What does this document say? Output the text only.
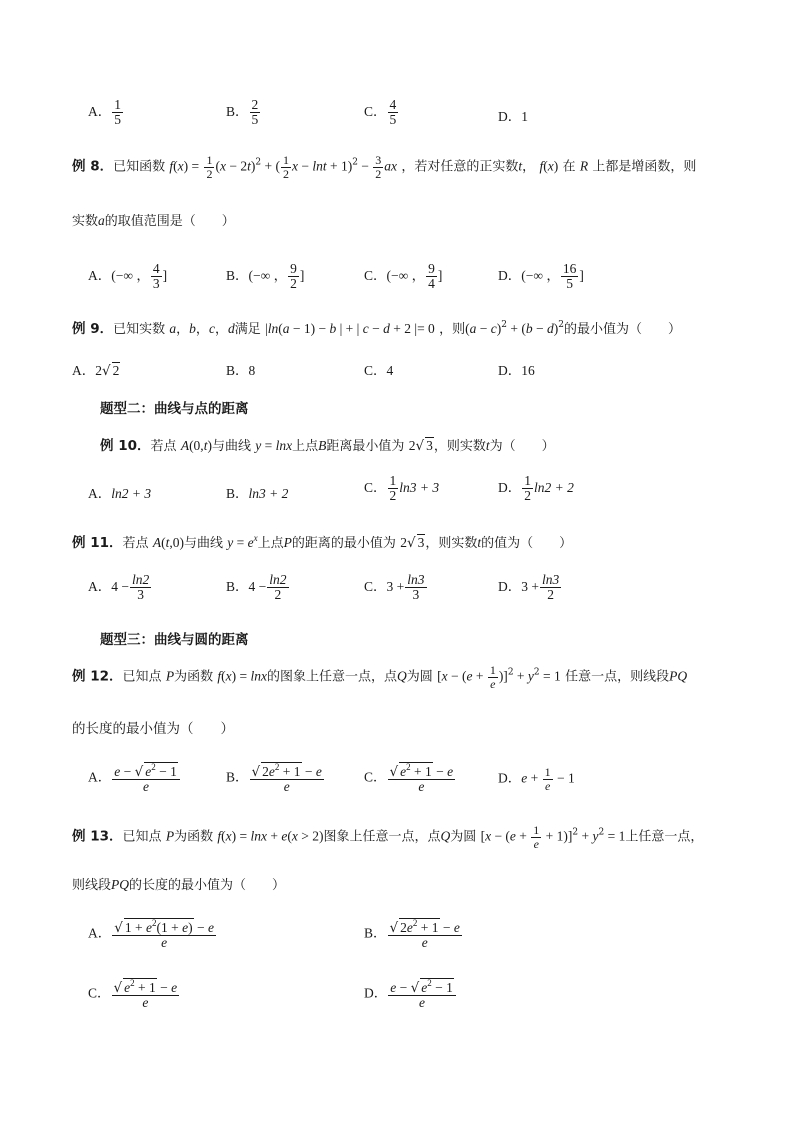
A． $\frac{1}{5}$	B． $\frac{2}{5}$	C． $\frac{4}{5}$	D．1
例 8．已知函数 $f(x) = \frac{1}{2} (x - 2t)^2$ + ( $\frac{1}{2}$ $x - \ln t + 1)^2 - \frac{3}{2}$ ax ，若对任意的正实数t， f(x) 在 R 上都是增函数，则
实数a的取值范围是（　　）
A．(−∞ ， $\frac{4}{3}$ ]	B．(−∞ ， $\frac{9}{2}$ ]	C．(−∞ ， $\frac{9}{4}$ ]	D．(−∞ ， $\frac{16}{5}$ ]
例 9．已知实数 a，b，c，d满足 |ln(a − 1) − b | + | c − d + 2 |= 0 ，则$(a - c)^2 + (b - d)^2$的最小值为（　　）
A．2√ 2	B．8	C．4	D．16
题型二：曲线与点的距离
例 10．若点 A(0,t)与曲线 y = lnx上点B距离最小值为 2√ 3，则实数t为（　　）
A．ln2 + 3	B．ln3 + 2	C． $\frac{1}{2} \ln 3 + 3$	D． $\frac{1}{2} \ln 2 + 2$
例 11．若点 A(t,0)与曲线 $y = e^x$上点P的距离的最小值为 2√ 3，则实数t的值为（　　）
A．$4 - \frac{\ln 2}{3}$	B．$4 - \frac{\ln 2}{2}$	C．$3 + \frac{\ln 3}{3}$	D．$3 + \frac{\ln 3}{2}$
题型三：曲线与圆的距离
例 12．已知点 P为函数 f(x) = lnx的图象上任意一点，点Q为圆 $[x - (e + \frac{1}{e} )]^2 + y^2 = 1$ 任意一点，则线段PQ
的长度的最小值为（　　）
A． $\frac{e - √ e^2 - 1}{e}$	B． $\frac{√ 2e^2 + 1 - e}{e}$	C． $\frac{√ e^2 + 1 - e}{e}$	D．$e + \frac{1}{e} - 1$
例 13．已知点 P为函数 f(x) = lnx + e(x > 2)图象上任意一点，点Q为圆 $[x - (e + \frac{1}{e} + 1)]^2 + y^2 = 1$上任意一点，
则线段PQ的长度的最小值为（　　）
A． $\frac{√ 1 + e^2(1 + e) - e}{e}$	B． $\frac{√ 2e^2 + 1 - e}{e}$
C． $\frac{√ e^2 + 1 - e}{e}$	D． $\frac{e - √ e^2 - 1}{e}$
